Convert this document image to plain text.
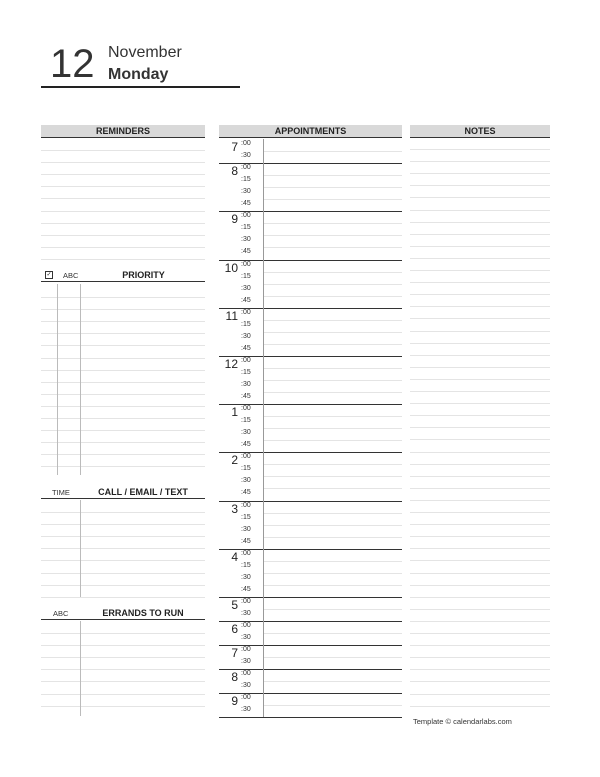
12 November
Monday
REMINDERS
✓ ABC	PRIORITY
TIME	CALL / EMAIL / TEXT
ABC	ERRANDS TO RUN
APPOINTMENTS
7 :00
:30
8 :00
:15
:30
:45
9 :00
:15
:30
:45
10 :00
:15
:30
:45
11 :00
:15
:30
:45
12 :00
:15
:30
:45
1 :00
:15
:30
:45
2 :00
:15
:30
:45
3 :00
:15
:30
:45
4 :00
:15
:30
:45
5 :00
:30
6 :00
:30
7 :00
:30
8 :00
:30
9 :00
:30
NOTES
Template © calendarlabs.com
